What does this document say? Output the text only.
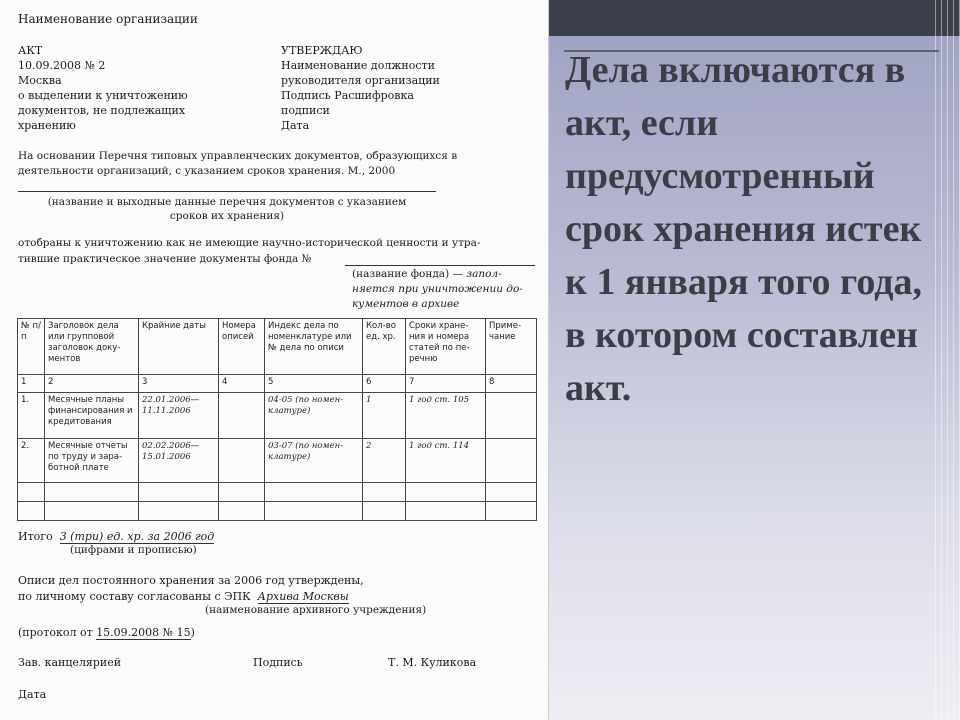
Дела включаются в акт, если предусмотренный срок хранения истек к 1 января того года, в котором составлен акт.

Наименование организации
АКТ
10.09.2008 № 2
Москва
о выделении к уничтожению
документов, не подлежащих
хранению
УТВЕРЖДАЮ
Наименование должности
руководителя организации
Подпись Расшифровка
подписи
Дата
На основании Перечня типовых управленческих документов, образующихся в
деятельности организаций, с указанием сроков хранения. М., 2000
(название и выходные данные перечня документов с указанием
сроков их хранения)
отобраны к уничтожению как не имеющие научно-исторической ценности и утра-
тившие практическое значение документы фонда №
(название фонда) — запол-
няется при уничтожении до-
кументов в архиве
№ п/п	Заголовок дела или групповой заголовок доку-ментов	Крайние даты	Номера описей	Индекс дела по номенклатуре или № дела по описи	Кол-во ед. хр.	Сроки хране-ния и номера статей по пе-речню	Приме-чание
1	2	3	4	5	6	7	8
1.	Месячные планы финансирования и кредитования	22.01.2006— 11.11.2006		04-05 (по номен-клатуре)	1	1 год ст. 105	
2.	Месячные отчеты по труду и зара-ботной плате	02.02.2006— 15.01.2006		03-07 (по номен-клатуре)	2	1 год ст. 114	

Итого 3 (три) ед. хр. за 2006 год
(цифрами и прописью)
Описи дел постоянного хранения за 2006 год утверждены,
по личному составу согласованы с ЭПК Архива Москвы
(наименование архивного учреждения)
(протокол от 15.09.2008 № 15)
Зав. канцелярией	Подпись	Т. М. Куликова
Дата
